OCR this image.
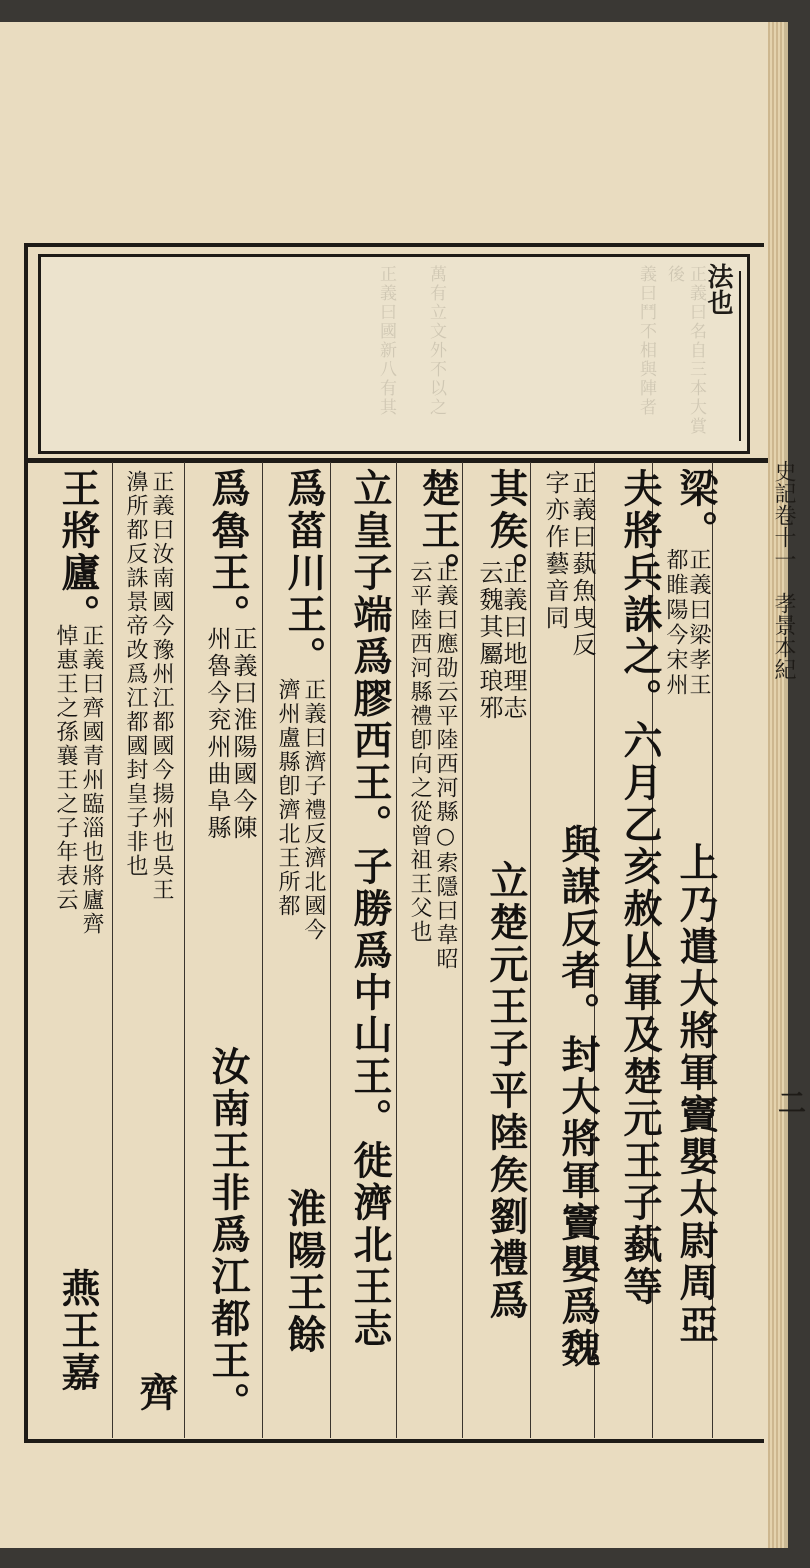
正義曰名自三本大賞後
義曰鬥不相與陣者
萬有立文外不以之
正義曰國新八有其	法也
史記卷十一　孝景本紀
二
梁。
正義曰梁孝王
都睢陽今宋州
上乃遣大將軍竇嬰太尉周亞
夫將兵誅之。六月乙亥赦亾軍及楚元王子蓺等
正義曰蓺魚曳反
字亦作藝音同
與謀反者。封大將軍竇嬰爲魏
其矦。
正義曰地理志
云魏其屬琅邪
立楚元王子平陸矦劉禮爲
楚王。
正義曰應劭云平陸西河縣○索隱曰韋昭
云平陸西河縣禮卽向之從曾祖王父也
立皇子端爲膠西王。子勝爲中山王。徙濟北王志
爲菑川王。
正義曰濟子禮反濟北國今
濟州盧縣卽濟北王所都
淮陽王餘
爲魯王。
正義曰淮陽國今陳
州魯今兖州曲阜縣
汝南王非爲江都王。
正義曰汝南國今豫州江都國今揚州也吳王
濞所都反誅景帝改爲江都國封皇子非也
齊
王將廬。
正義曰齊國青州臨淄也將廬齊
悼惠王之孫襄王之子年表云
燕王嘉
